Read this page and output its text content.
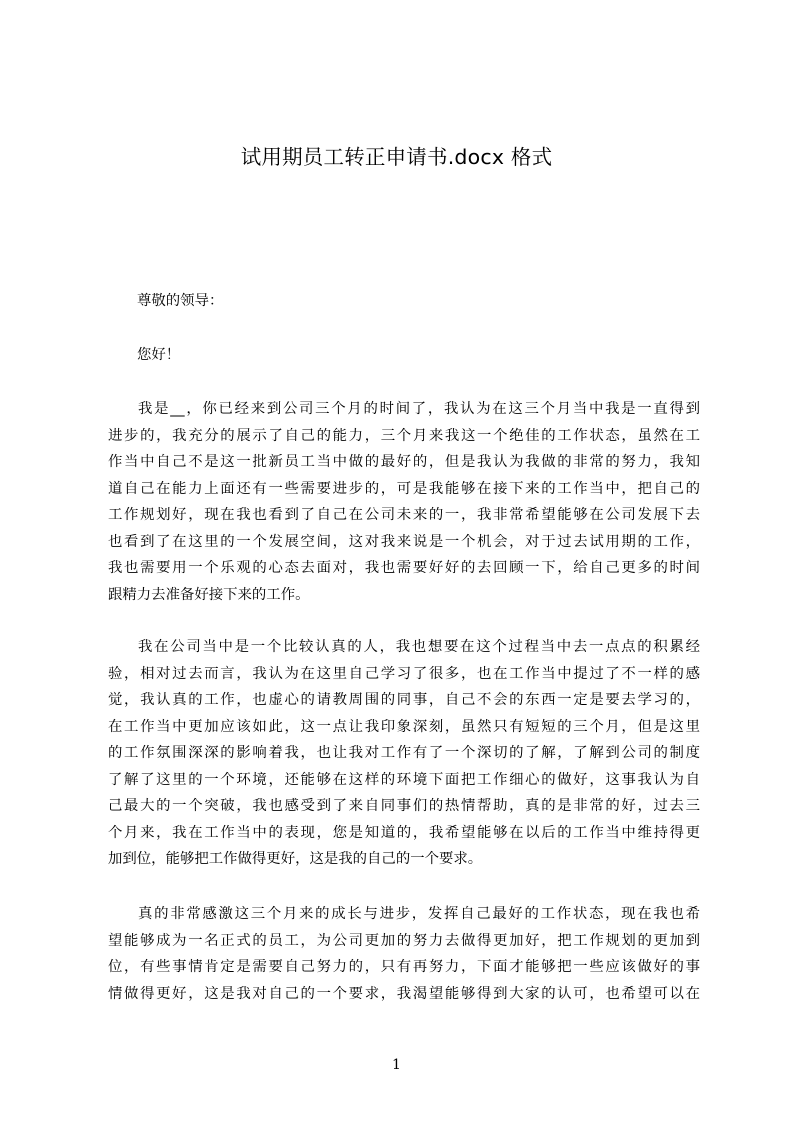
试用期员工转正申请书.docx 格式
尊敬的领导：
您好！
我是__，你已经来到公司三个月的时间了，我认为在这三个月当中我是一直得到
进步的，我充分的展示了自己的能力，三个月来我这一个绝佳的工作状态，虽然在工
作当中自己不是这一批新员工当中做的最好的，但是我认为我做的非常的努力，我知
道自己在能力上面还有一些需要进步的，可是我能够在接下来的工作当中，把自己的
工作规划好，现在我也看到了自己在公司未来的一，我非常希望能够在公司发展下去
也看到了在这里的一个发展空间，这对我来说是一个机会，对于过去试用期的工作，
我也需要用一个乐观的心态去面对，我也需要好好的去回顾一下，给自己更多的时间
跟精力去准备好接下来的工作。
我在公司当中是一个比较认真的人，我也想要在这个过程当中去一点点的积累经
验，相对过去而言，我认为在这里自己学习了很多，也在工作当中提过了不一样的感
觉，我认真的工作，也虚心的请教周围的同事，自己不会的东西一定是要去学习的，
在工作当中更加应该如此，这一点让我印象深刻，虽然只有短短的三个月，但是这里
的工作氛围深深的影响着我，也让我对工作有了一个深切的了解，了解到公司的制度
了解了这里的一个环境，还能够在这样的环境下面把工作细心的做好，这事我认为自
己最大的一个突破，我也感受到了来自同事们的热情帮助，真的是非常的好，过去三
个月来，我在工作当中的表现，您是知道的，我希望能够在以后的工作当中维持得更
加到位，能够把工作做得更好，这是我的自己的一个要求。
真的非常感激这三个月来的成长与进步，发挥自己最好的工作状态，现在我也希
望能够成为一名正式的员工，为公司更加的努力去做得更加好，把工作规划的更加到
位，有些事情肯定是需要自己努力的，只有再努力，下面才能够把一些应该做好的事
情做得更好，这是我对自己的一个要求，我渴望能够得到大家的认可，也希望可以在
1
